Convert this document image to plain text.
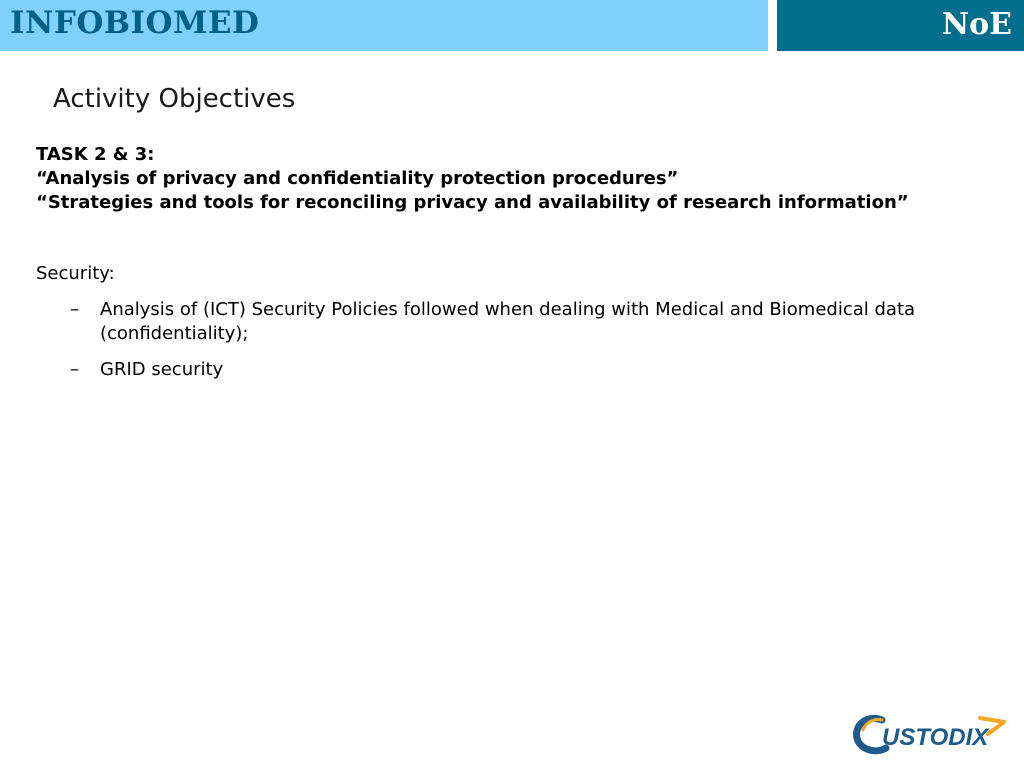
INFOBIOMED	NoE
Activity Objectives
TASK 2 & 3:
“Analysis of privacy and confidentiality protection procedures”
“Strategies and tools for reconciling privacy and availability of research information”
Security:
– Analysis of (ICT) Security Policies followed when dealing with Medical and Biomedical data (confidentiality);
– GRID security
USTODIX
